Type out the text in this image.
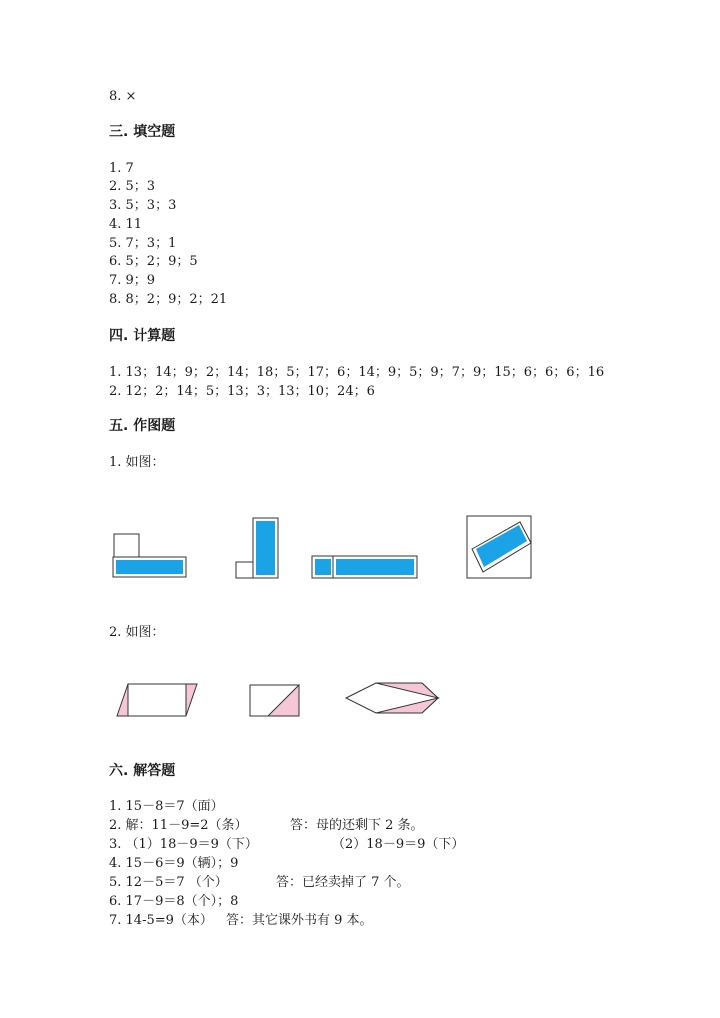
8. ×
三. 填空题
1. 7
2. 5；3
3. 5；3；3
4. 11
5. 7；3；1
6. 5；2；9；5
7. 9；9
8. 8；2；9；2；21
四. 计算题
1. 13；14；9；2；14；18；5；17；6；14；9；5；9；7；9；15；6；6；6；16
2. 12；2；14；5；13；3；13；10；24；6
五. 作图题
1. 如图：
2. 如图：
六. 解答题
1. 15－8＝7（面）
2. 解：11－9=2（条）	答：母的还剩下 2 条。
3. （1）18－9＝9（下）	（2）18－9＝9（下）
4. 15－6＝9（辆）；9
5. 12－5＝7 （个）	答：已经卖掉了 7 个。
6. 17－9＝8（个）；8
7. 14-5=9（本） 答：其它课外书有 9 本。
